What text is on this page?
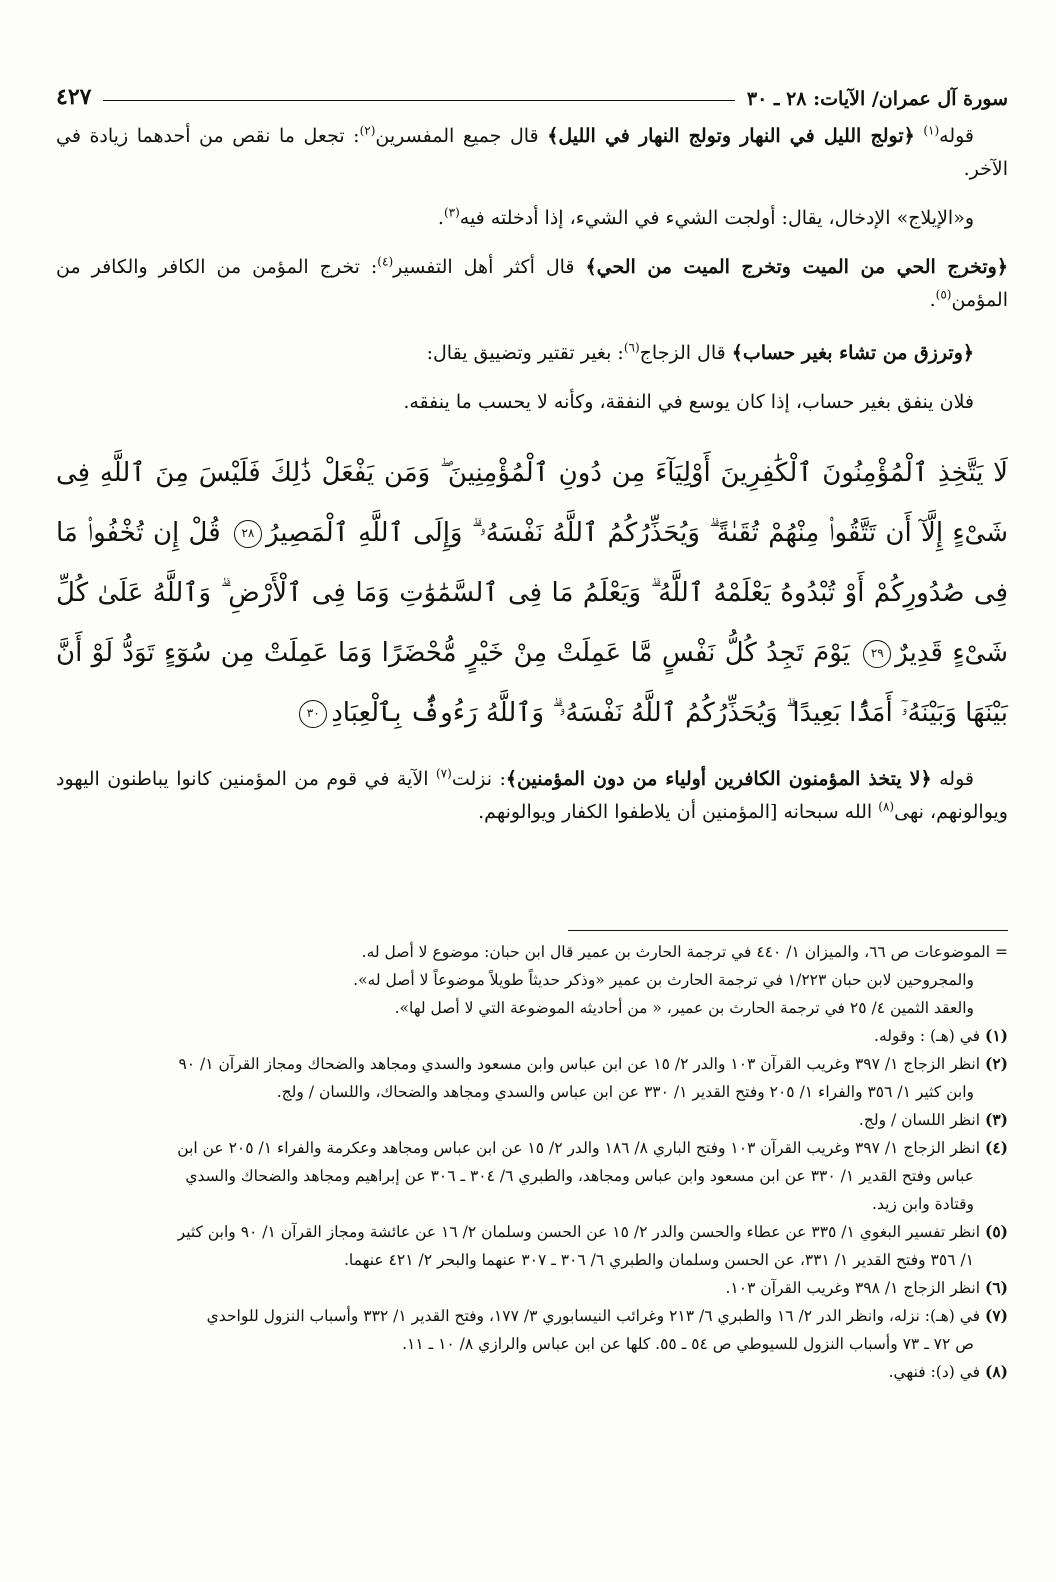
سورة آل عمران/ الآيات: ٢٨ ـ ٣٠
٤٢٧

قوله$^{(١)}$ ﴿تولج الليل في النهار وتولج النهار في الليل﴾ قال جميع المفسرين$^{(٢)}$: تجعل ما نقص من أحدهما زيادة في الآخر.

و«الإيلاج» الإدخال، يقال: أولجت الشيء في الشيء، إذا أدخلته فيه$^{(٣)}$.

﴿وتخرج الحي من الميت وتخرج الميت من الحي﴾ قال أكثر أهل التفسير$^{(٤)}$: تخرج المؤمن من الكافر والكافر من المؤمن$^{(٥)}$.

﴿وترزق من تشاء بغير حساب﴾ قال الزجاج$^{(٦)}$: بغير تقتير وتضييق يقال:

فلان ينفق بغير حساب، إذا كان يوسع في النفقة، وكأنه لا يحسب ما ينفقه.

لَا يَتَّخِذِ ٱلْمُؤْمِنُونَ ٱلْكَٰفِرِينَ أَوْلِيَآءَ مِن دُونِ ٱلْمُؤْمِنِينَ ۖ وَمَن يَفْعَلْ ذَٰلِكَ فَلَيْسَ مِنَ ٱللَّهِ فِى شَىْءٍ إِلَّآ أَن تَتَّقُوا۟ مِنْهُمْ تُقَىٰةً ۗ وَيُحَذِّرُكُمُ ٱللَّهُ نَفْسَهُۥ ۗ وَإِلَى ٱللَّهِ ٱلْمَصِيرُ٢٨ قُلْ إِن تُخْفُوا۟ مَا فِى صُدُورِكُمْ أَوْ تُبْدُوهُ يَعْلَمْهُ ٱللَّهُ ۗ وَيَعْلَمُ مَا فِى ٱلسَّمَٰوَٰتِ وَمَا فِى ٱلْأَرْضِ ۗ وَٱللَّهُ عَلَىٰ كُلِّ شَىْءٍ قَدِيرٌ٢٩ يَوْمَ تَجِدُ كُلُّ نَفْسٍ مَّا عَمِلَتْ مِنْ خَيْرٍ مُّحْضَرًا وَمَا عَمِلَتْ مِن سُوٓءٍ تَوَدُّ لَوْ أَنَّ بَيْنَهَا وَبَيْنَهُۥٓ أَمَدًۢا بَعِيدًا ۗ وَيُحَذِّرُكُمُ ٱللَّهُ نَفْسَهُۥ ۗ وَٱللَّهُ رَءُوفٌۢ بِٱلْعِبَادِ٣٠

قوله ﴿لا يتخذ المؤمنون الكافرين أولياء من دون المؤمنين﴾: نزلت$^{(٧)}$ الآية في قوم من المؤمنين كانوا يباطنون اليهود ويوالونهم، نهى$^{(٨)}$ الله سبحانه [المؤمنين أن يلاطفوا الكفار ويوالونهم.

= الموضوعات ص ٦٦، والميزان ١/ ٤٤٠ في ترجمة الحارث بن عمير قال ابن حبان: موضوع لا أصل له.

والمجروحين لابن حبان ١/٢٢٣ في ترجمة الحارث بن عمير «وذكر حديثاً طويلاً موضوعاً لا أصل له».

والعقد الثمين ٤/ ٢٥ في ترجمة الحارث بن عمير، « من أحاديثه الموضوعة التي لا أصل لها».

(١) في (هـ) : وقوله.

(٢) انظر الزجاج ١/ ٣٩٧ وغريب القرآن ١٠٣ والدر ٢/ ١٥ عن ابن عباس وابن مسعود والسدي ومجاهد والضحاك ومجاز القرآن ١/ ٩٠

وابن كثير ١/ ٣٥٦ والفراء ١/ ٢٠٥ وفتح القدير ١/ ٣٣٠ عن ابن عباس والسدي ومجاهد والضحاك، واللسان / ولج.

(٣) انظر اللسان / ولج.

(٤) انظر الزجاج ١/ ٣٩٧ وغريب القرآن ١٠٣ وفتح الباري ٨/ ١٨٦ والدر ٢/ ١٥ عن ابن عباس ومجاهد وعكرمة والفراء ١/ ٢٠٥ عن ابن

عباس وفتح القدير ١/ ٣٣٠ عن ابن مسعود وابن عباس ومجاهد، والطبري ٦/ ٣٠٤ ـ ٣٠٦ عن إبراهيم ومجاهد والضحاك والسدي

وقتادة وابن زيد.

(٥) انظر تفسير البغوي ١/ ٣٣٥ عن عطاء والحسن والدر ٢/ ١٥ عن الحسن وسلمان ٢/ ١٦ عن عائشة ومجاز القرآن ١/ ٩٠ وابن كثير

١/ ٣٥٦ وفتح القدير ١/ ٣٣١، عن الحسن وسلمان والطبري ٦/ ٣٠٦ ـ ٣٠٧ عنهما والبحر ٢/ ٤٢١ عنهما.

(٦) انظر الزجاج ١/ ٣٩٨ وغريب القرآن ١٠٣.

(٧) في (هـ): نزله، وانظر الدر ٢/ ١٦ والطبري ٦/ ٢١٣ وغرائب النيسابوري ٣/ ١٧٧، وفتح القدير ١/ ٣٣٢ وأسباب النزول للواحدي

ص ٧٢ ـ ٧٣ وأسباب النزول للسيوطي ص ٥٤ ـ ٥٥. كلها عن ابن عباس والرازي ٨/ ١٠ ـ ١١.

(٨) في (د): فنهي.
